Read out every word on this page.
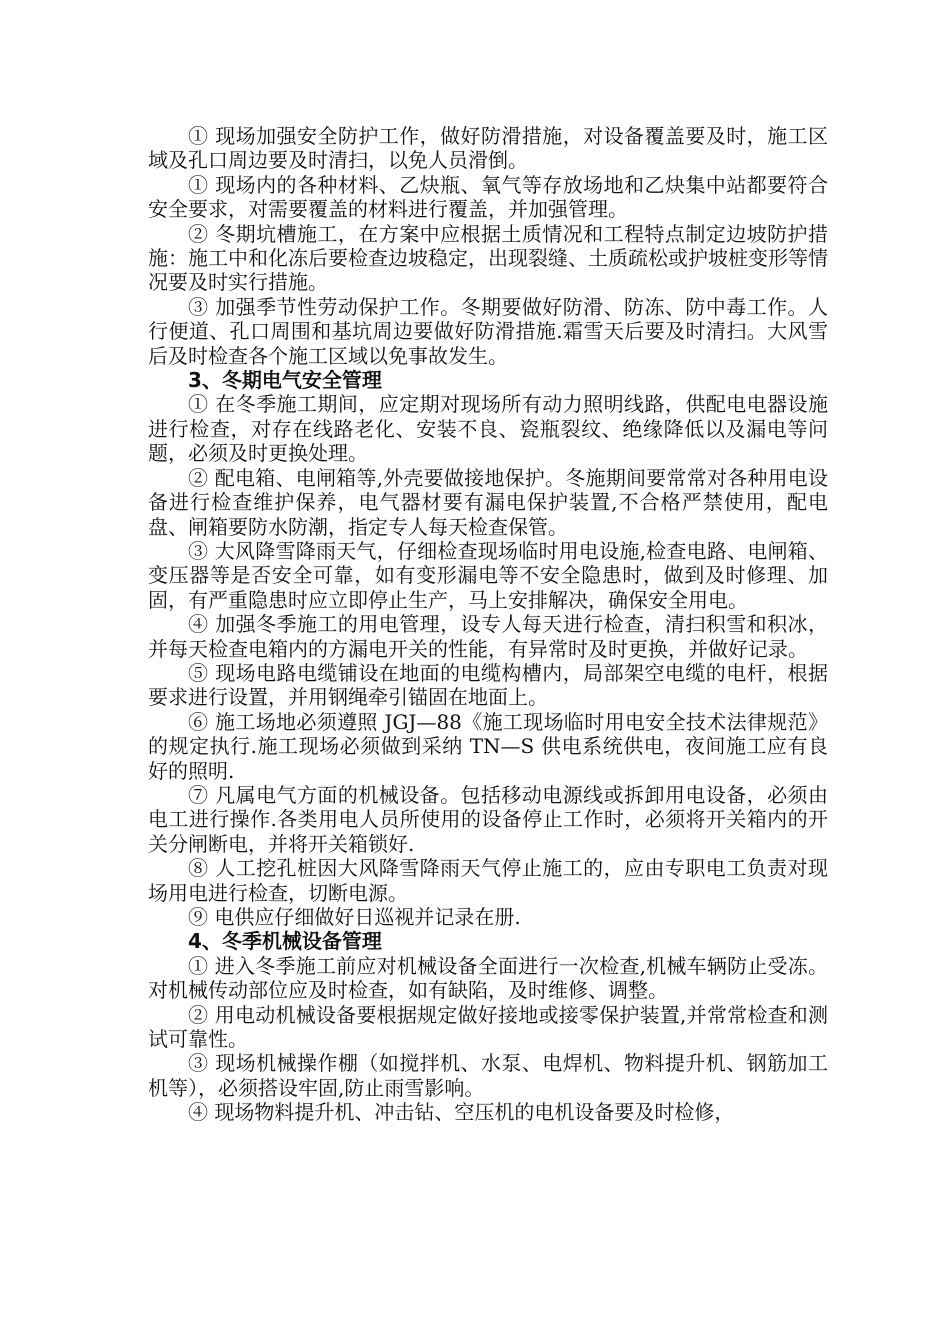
① 现场加强安全防护工作，做好防滑措施，对设备覆盖要及时，施工区域及孔口周边要及时清扫，以免人员滑倒。

① 现场内的各种材料、乙炔瓶、氧气等存放场地和乙炔集中站都要符合安全要求，对需要覆盖的材料进行覆盖，并加强管理。

② 冬期坑槽施工，在方案中应根据土质情况和工程特点制定边坡防护措施：施工中和化冻后要检查边坡稳定，出现裂缝、土质疏松或护坡桩变形等情况要及时实行措施。

③ 加强季节性劳动保护工作。冬期要做好防滑、防冻、防中毒工作。人行便道、孔口周围和基坑周边要做好防滑措施.霜雪天后要及时清扫。大风雪后及时检查各个施工区域以免事故发生。

3、冬期电气安全管理

① 在冬季施工期间，应定期对现场所有动力照明线路，供配电电器设施进行检查，对存在线路老化、安装不良、瓷瓶裂纹、绝缘降低以及漏电等问题，必须及时更换处理。

② 配电箱、电闸箱等,外壳要做接地保护。冬施期间要常常对各种用电设备进行检查维护保养，电气器材要有漏电保护装置,不合格严禁使用，配电盘、闸箱要防水防潮，指定专人每天检查保管。

③ 大风降雪降雨天气，仔细检查现场临时用电设施,检查电路、电闸箱、变压器等是否安全可靠，如有变形漏电等不安全隐患时，做到及时修理、加固，有严重隐患时应立即停止生产，马上安排解决，确保安全用电。

④ 加强冬季施工的用电管理，设专人每天进行检查，清扫积雪和积冰，并每天检查电箱内的方漏电开关的性能，有异常时及时更换，并做好记录。

⑤ 现场电路电缆铺设在地面的电缆构槽内，局部架空电缆的电杆，根据要求进行设置，并用钢绳牵引锚固在地面上。

⑥ 施工场地必须遵照 JGJ—88《施工现场临时用电安全技术法律规范》的规定执行.施工现场必须做到采纳 TN—S 供电系统供电，夜间施工应有良好的照明.

⑦ 凡属电气方面的机械设备。包括移动电源线或拆卸用电设备，必须由电工进行操作.各类用电人员所使用的设备停止工作时，必须将开关箱内的开关分闸断电，并将开关箱锁好.

⑧ 人工挖孔桩因大风降雪降雨天气停止施工的，应由专职电工负责对现场用电进行检查，切断电源。

⑨ 电供应仔细做好日巡视并记录在册.

4、冬季机械设备管理

① 进入冬季施工前应对机械设备全面进行一次检查,机械车辆防止受冻。对机械传动部位应及时检查，如有缺陷，及时维修、调整。

② 用电动机械设备要根据规定做好接地或接零保护装置,并常常检查和测试可靠性。

③ 现场机械操作棚（如搅拌机、水泵、电焊机、物料提升机、钢筋加工机等），必须搭设牢固,防止雨雪影响。

④ 现场物料提升机、冲击钻、空压机的电机设备要及时检修，
